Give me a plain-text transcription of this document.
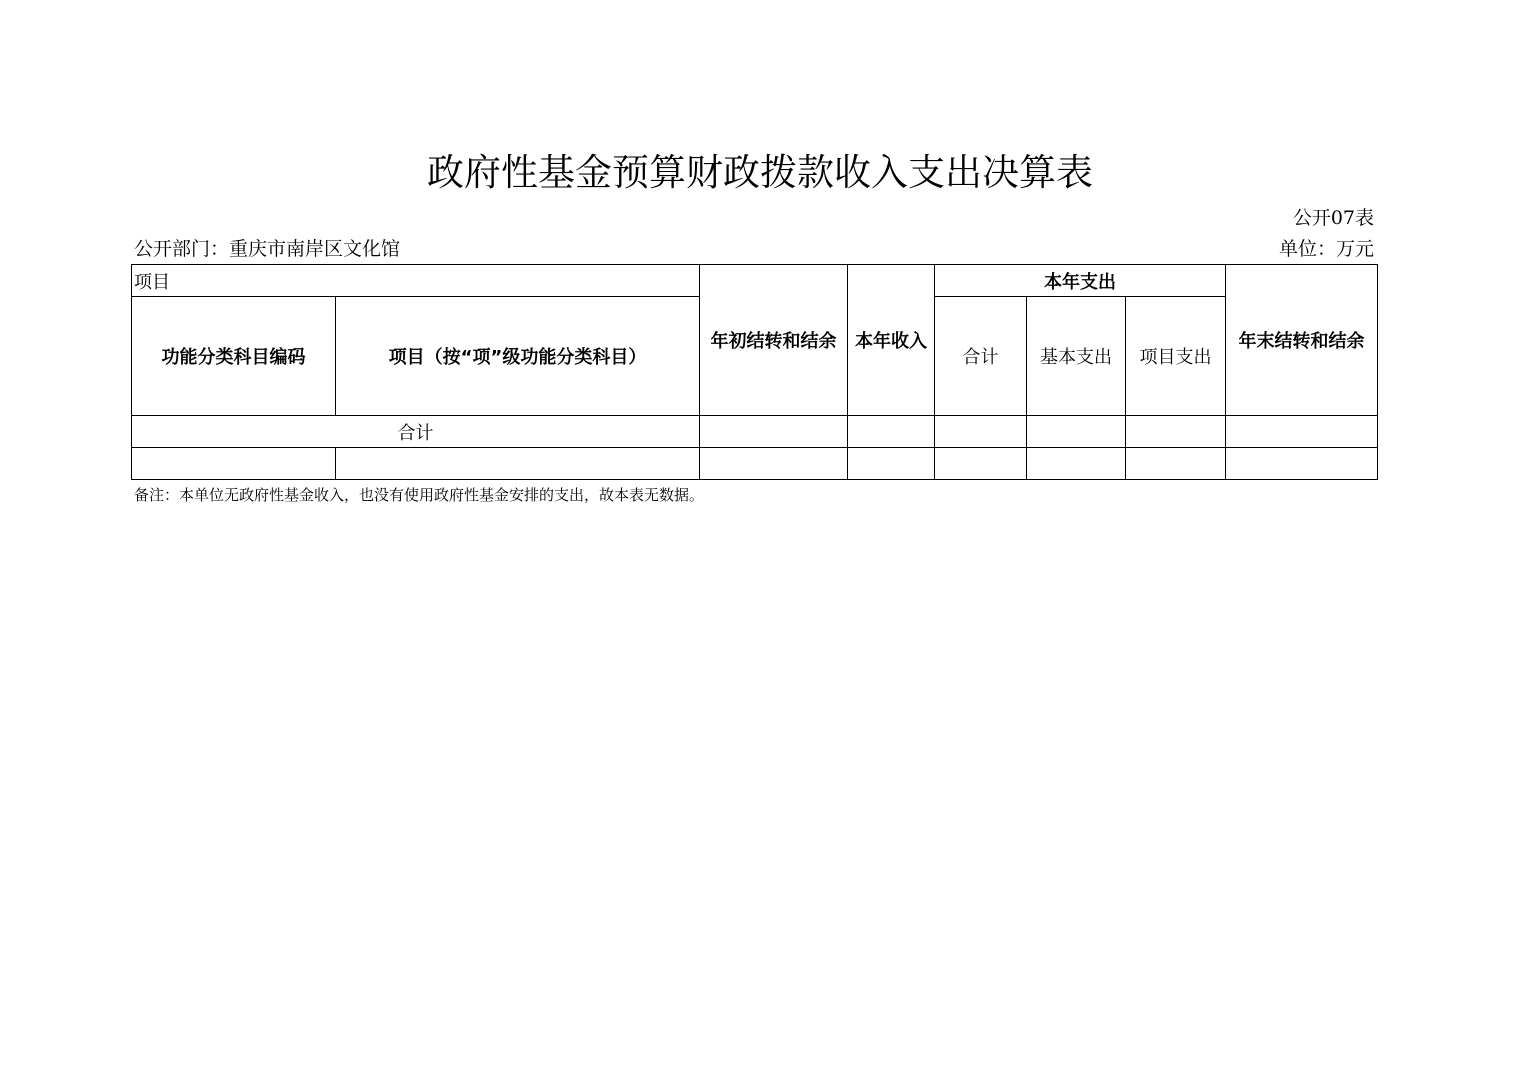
政府性基金预算财政拨款收入支出决算表
公开07表
公开部门：重庆市南岸区文化馆	单位：万元
项目		年初结转和结余	本年收入	本年支出			年末结转和结余
功能分类科目编码	项目（按“项”级功能分类科目）			合计	基本支出	项目支出	
合计							

备注：本单位无政府性基金收入，也没有使用政府性基金安排的支出，故本表无数据。
